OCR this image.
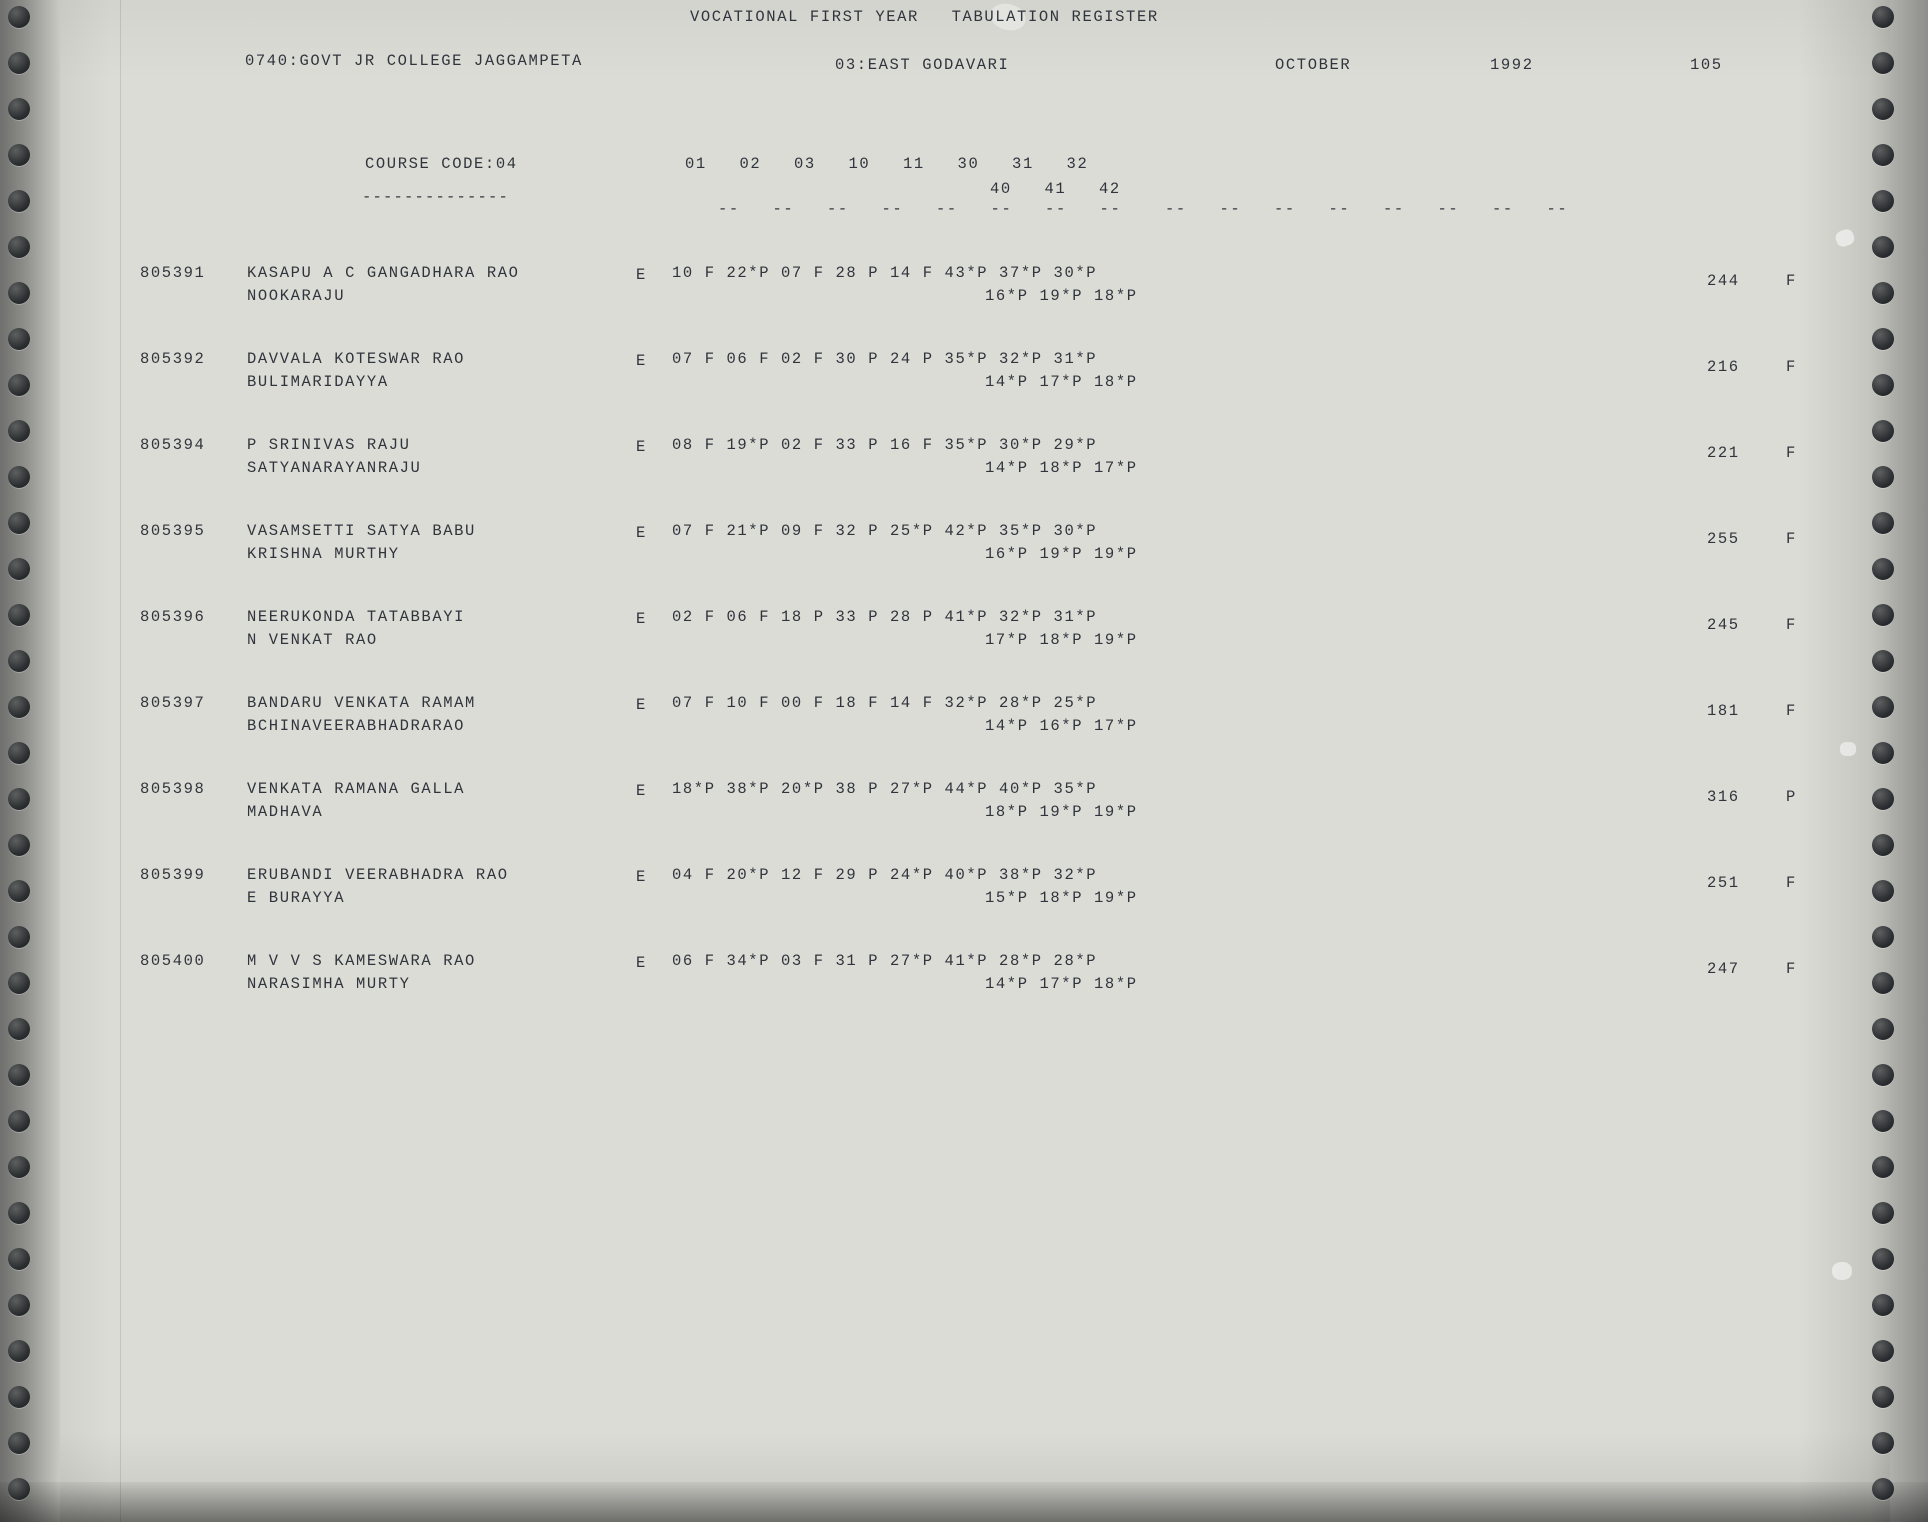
VOCATIONAL FIRST YEAR   TABULATION REGISTER
0740:GOVT JR COLLEGE JAGGAMPETA	03:EAST GODAVARI	OCTOBER	1992	105
COURSE CODE:04
--------------
01   02   03   10   11   30   31   32
40   41   42
--   --   --   --   --   --   --   --    --   --   --   --   --   --   --   --
805391	KASAPU A C GANGADHARA RAO
NOOKARAJU
E 10 F 22*P 07 F 28 P 14 F 43*P 37*P 30*P
16*P 19*P 18*P
244	F
805392	DAVVALA KOTESWAR RAO
BULIMARIDAYYA
E 07 F 06 F 02 F 30 P 24 P 35*P 32*P 31*P
14*P 17*P 18*P
216	F
805394	P SRINIVAS RAJU
SATYANARAYANRAJU
E 08 F 19*P 02 F 33 P 16 F 35*P 30*P 29*P
14*P 18*P 17*P
221	F
805395	VASAMSETTI SATYA BABU
KRISHNA MURTHY
E 07 F 21*P 09 F 32 P 25*P 42*P 35*P 30*P
16*P 19*P 19*P
255	F
805396	NEERUKONDA TATABBAYI
N VENKAT RAO
E 02 F 06 F 18 P 33 P 28 P 41*P 32*P 31*P
17*P 18*P 19*P
245	F
805397	BANDARU VENKATA RAMAM
BCHINAVEERABHADRARAO
E 07 F 10 F 00 F 18 F 14 F 32*P 28*P 25*P
14*P 16*P 17*P
181	F
805398	VENKATA RAMANA GALLA
MADHAVA
E 18*P 38*P 20*P 38 P 27*P 44*P 40*P 35*P
18*P 19*P 19*P
316	P
805399	ERUBANDI VEERABHADRA RAO
E BURAYYA
E 04 F 20*P 12 F 29 P 24*P 40*P 38*P 32*P
15*P 18*P 19*P
251	F
805400	M V V S KAMESWARA RAO
NARASIMHA MURTY
E 06 F 34*P 03 F 31 P 27*P 41*P 28*P 28*P
14*P 17*P 18*P
247	F
